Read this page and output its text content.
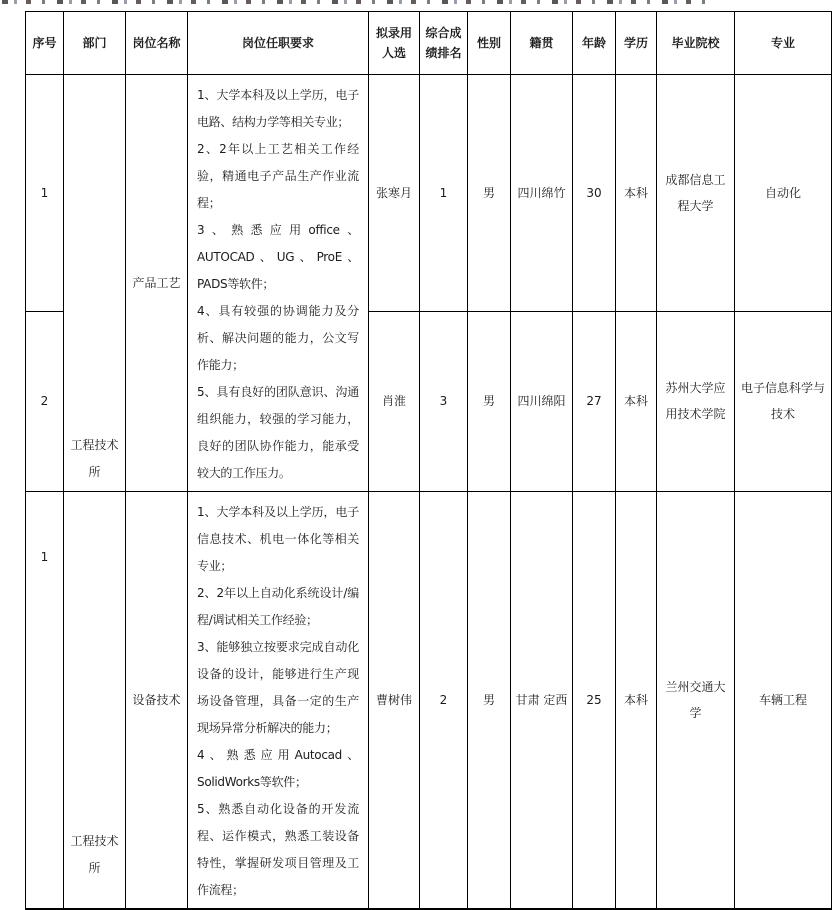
序号	部门	岗位名称	岗位任职要求	拟录用人选	综合成绩排名	性别	籍贯	年龄	学历	毕业院校	专业
1	工程技术所	产品工艺	1、大学本科及以上学历，电子电路、结构力学等相关专业；
2、2年以上工艺相关工作经验，精通电子产品生产作业流程；
3、熟悉应用office、AUTOCAD、UG、ProE、PADS等软件；
4、具有较强的协调能力及分析、解决问题的能力，公文写作能力；
5、具有良好的团队意识、沟通组织能力，较强的学习能力，良好的团队协作能力，能承受较大的工作压力。	张寒月	1	男	四川绵竹	30	本科	成都信息工程大学	自动化
2				肖淮	3	男	四川绵阳	27	本科	苏州大学应用技术学院	电子信息科学与技术
1	工程技术所	设备技术	1、大学本科及以上学历，电子信息技术、机电一体化等相关专业；
2、2年以上自动化系统设计/编程/调试相关工作经验；
3、能够独立按要求完成自动化设备的设计，能够进行生产现场设备管理，具备一定的生产现场异常分析解决的能力；
4、熟悉应用Autocad、SolidWorks等软件；
5、熟悉自动化设备的开发流程、运作模式，熟悉工装设备特性，掌握研发项目管理及工作流程；	曹树伟	2	男	甘肃 定西	25	本科	兰州交通大学	车辆工程
